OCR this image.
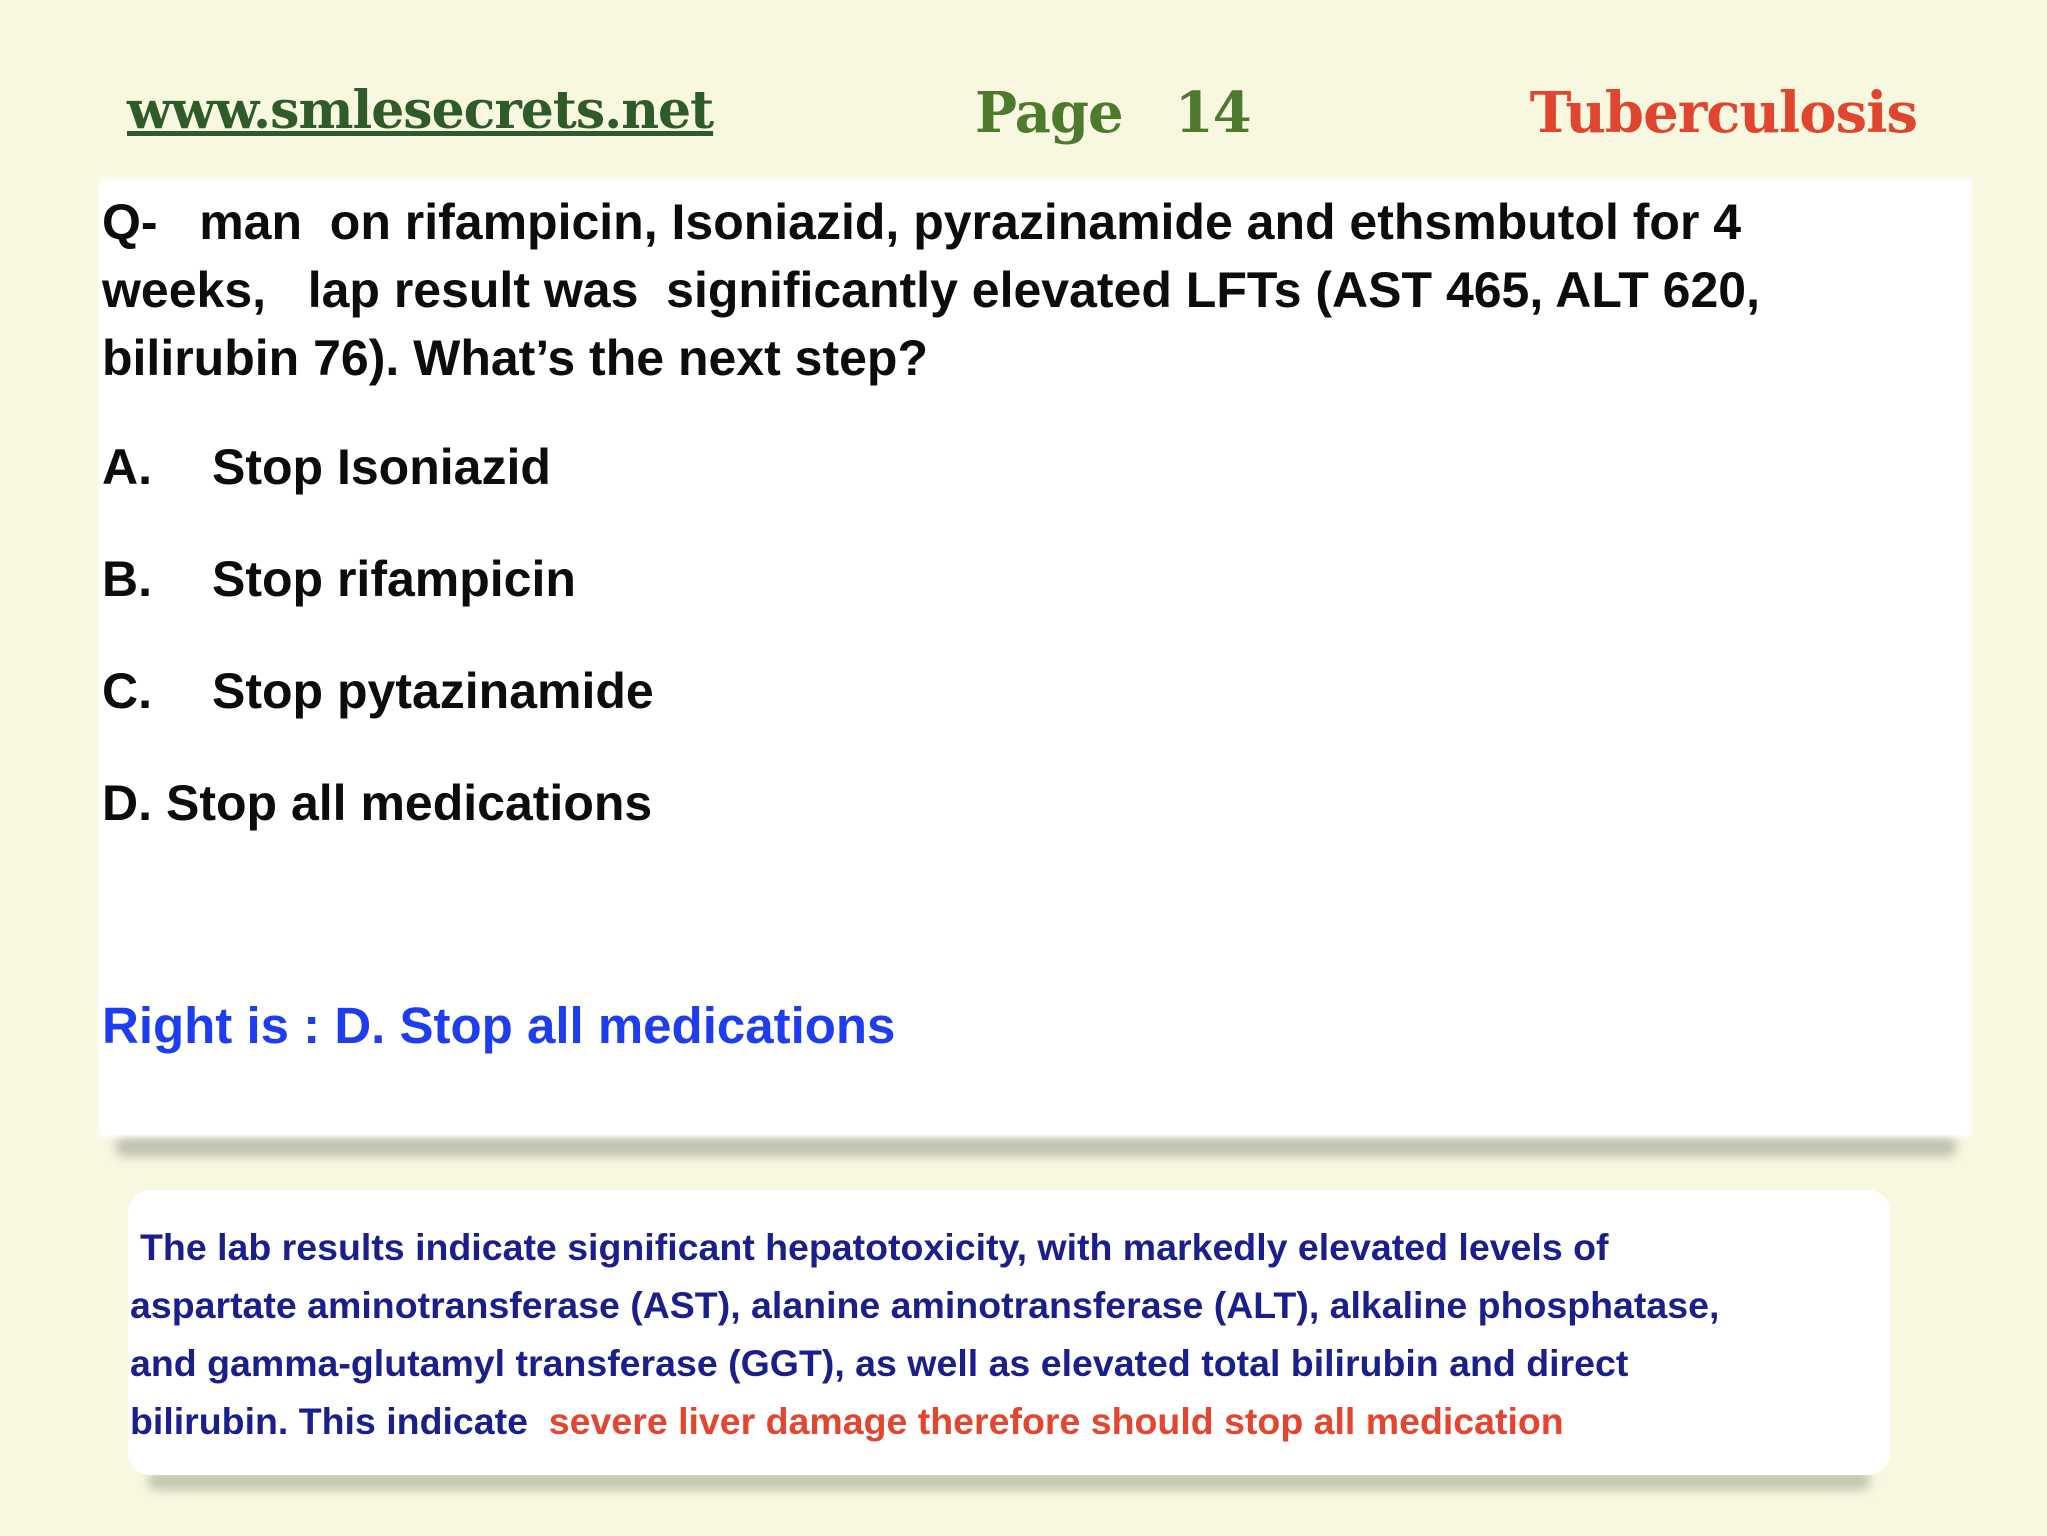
www.smlesecrets.net	Page 14	Tuberculosis

Q-   man  on rifampicin, Isoniazid, pyrazinamide and ethsmbutol for 4
weeks,   lap result was  significantly elevated LFTs (AST 465, ALT 620,
bilirubin 76). What’s the next step?

A. Stop Isoniazid
B. Stop rifampicin
C. Stop pytazinamide
D. Stop all medications
Right is : D. Stop all medications

The lab results indicate significant hepatotoxicity, with markedly elevated levels of
aspartate aminotransferase (AST), alanine aminotransferase (ALT), alkaline phosphatase,
and gamma-glutamyl transferase (GGT), as well as elevated total bilirubin and direct
bilirubin. This indicate severe liver damage therefore should stop all medication
